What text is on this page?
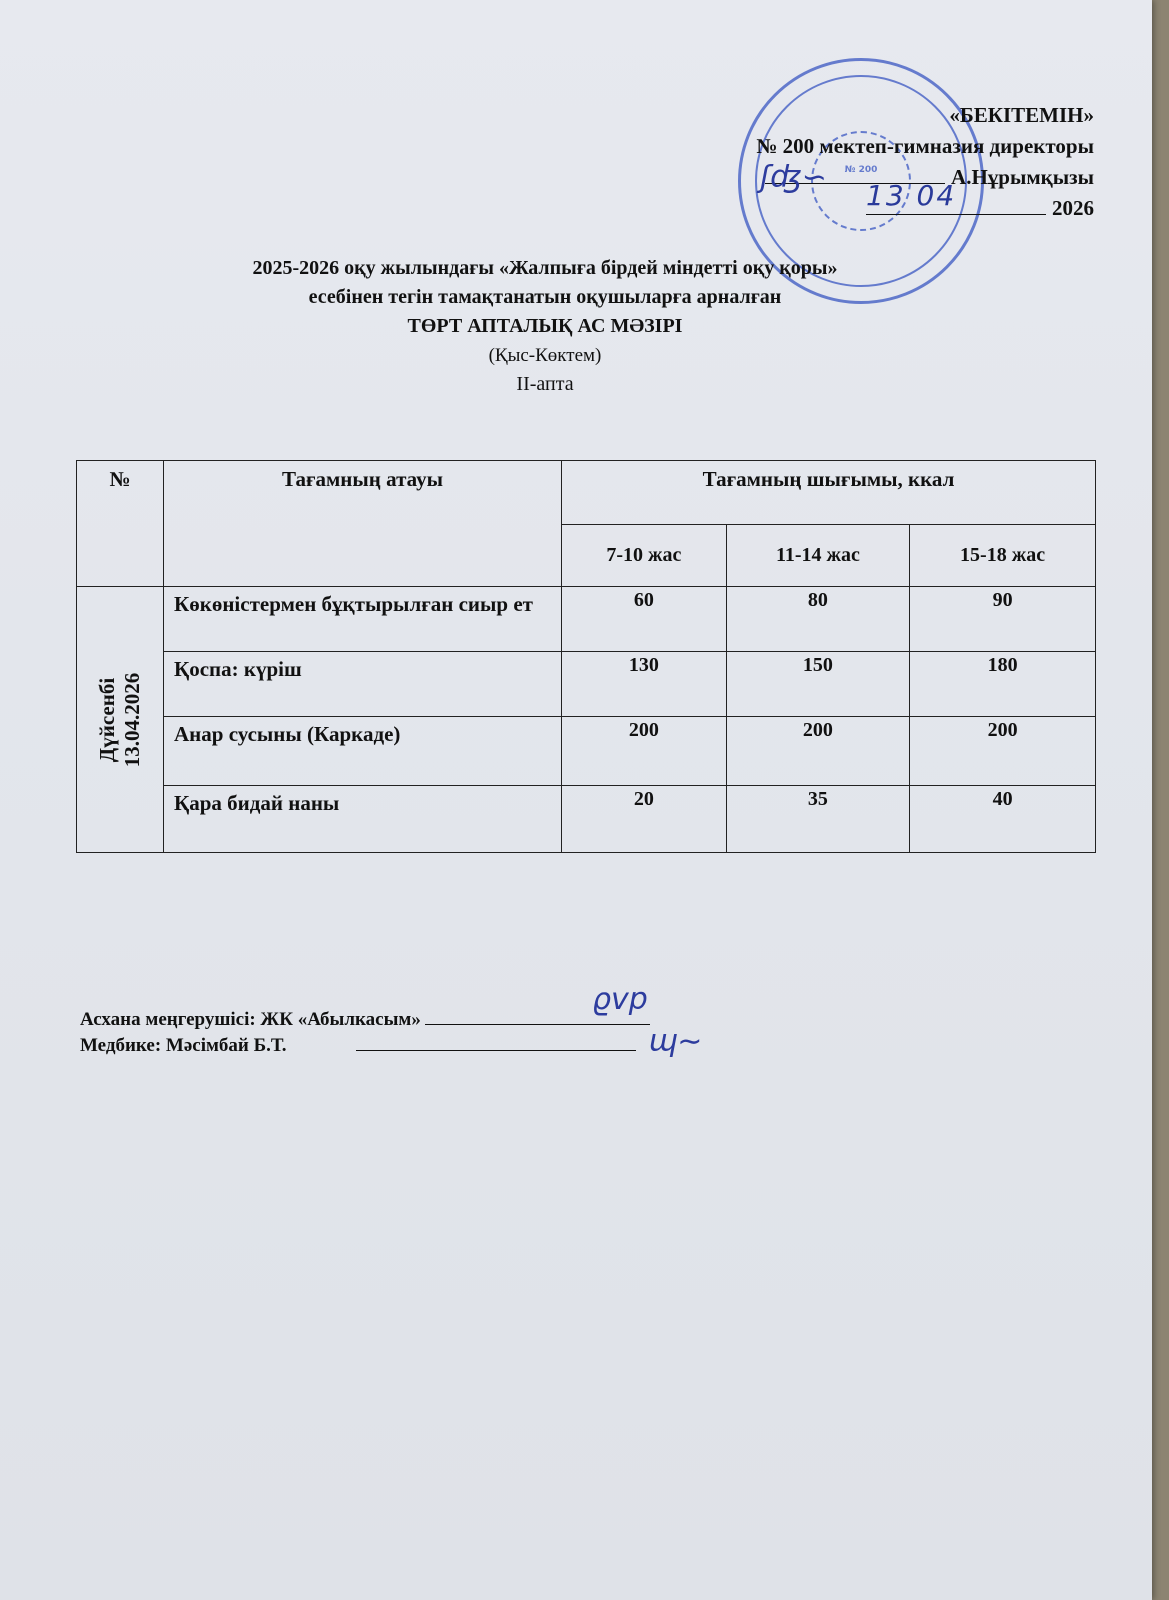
№ 200
«БЕКІТЕМІН»
№ 200 мектеп-гимназия директоры
А.Нұрымқызы
13 04	2026
ʃʤ∽
2025-2026 оқу жылындағы «Жалпыға бірдей міндетті оқу қоры»
есебінен тегін тамақтанатын оқушыларға арналған
ТӨРТ АПТАЛЫҚ АС МӘЗІРІ
(Қыс-Көктем)
ІІ-апта
№	Тағамның атауы	Тағамның шығымы, ккал		
		7-10 жас	11-14 жас	15-18 жас

Дүйсенбі 13.04.2026	Көкөністермен бұқтырылған сиыр ет	60	80	90
	Қоспа: күріш	130	150	180
	Анар сусыны (Каркаде)	200	200	200
	Қара бидай наны	20	35	40
Асхана меңгерушісі: ЖК «Абылкасым»
Медбике: Мәсімбай Б.Т.
ϱvp
ɰ∼
